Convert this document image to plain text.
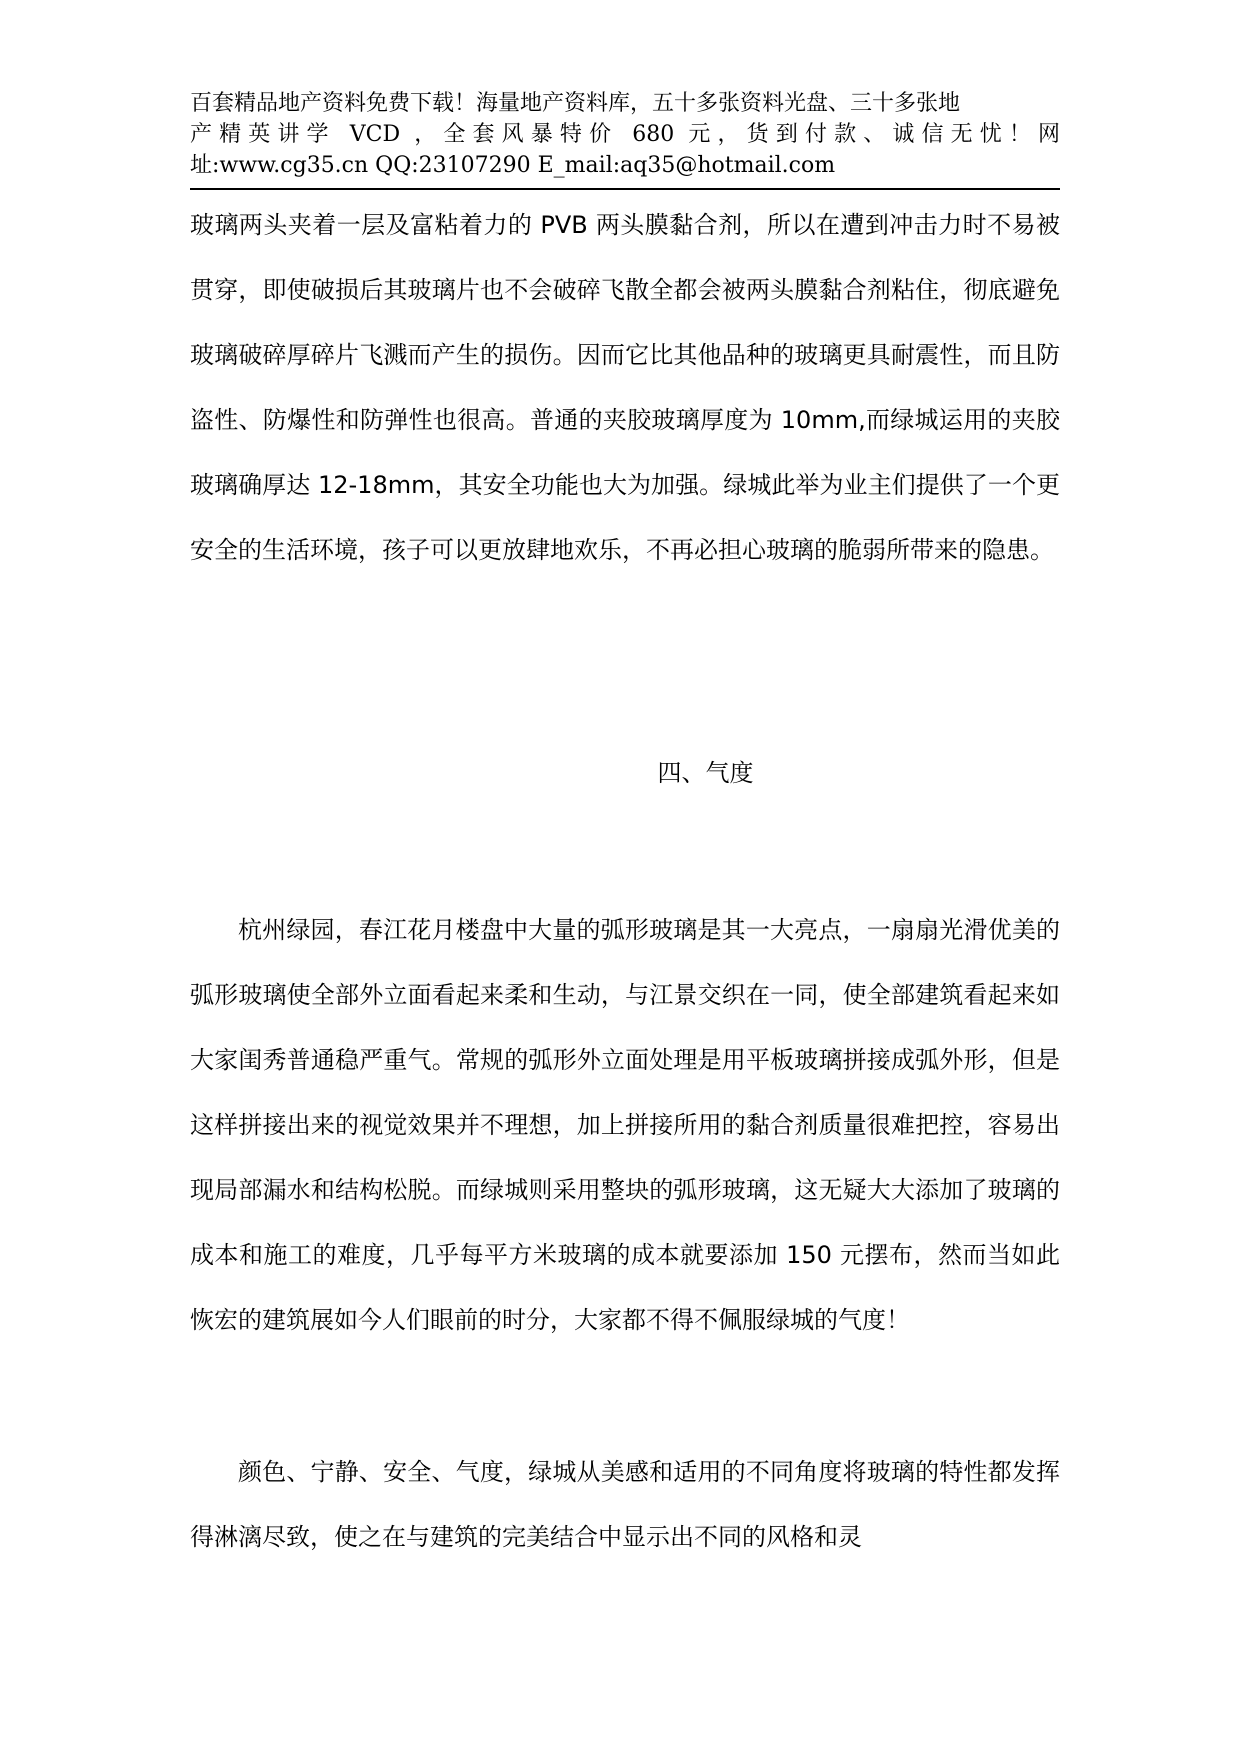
百套精品地产资料免费下载！海量地产资料库，五十多张资料光盘、三十多张地
产精英讲学 VCD ，全套风暴特价 680 元，货到付款、诚信无忧！网
址:www.cg35.cn QQ:23107290 E_mail:aq35@hotmail.com
玻璃两头夹着一层及富粘着力的 PVB 两头膜黏合剂，所以在遭到冲击力时不易被贯穿，即使破损后其玻璃片也不会破碎飞散全都会被两头膜黏合剂粘住，彻底避免玻璃破碎厚碎片飞溅而产生的损伤。因而它比其他品种的玻璃更具耐震性，而且防盗性、防爆性和防弹性也很高。普通的夹胶玻璃厚度为 10mm,而绿城运用的夹胶玻璃确厚达 12-18mm，其安全功能也大为加强。绿城此举为业主们提供了一个更安全的生活环境，孩子可以更放肆地欢乐，不再必担心玻璃的脆弱所带来的隐患。
四、气度
杭州绿园，春江花月楼盘中大量的弧形玻璃是其一大亮点，一扇扇光滑优美的弧形玻璃使全部外立面看起来柔和生动，与江景交织在一同，使全部建筑看起来如大家闺秀普通稳严重气。常规的弧形外立面处理是用平板玻璃拼接成弧外形，但是这样拼接出来的视觉效果并不理想，加上拼接所用的黏合剂质量很难把控，容易出现局部漏水和结构松脱。而绿城则采用整块的弧形玻璃，这无疑大大添加了玻璃的成本和施工的难度，几乎每平方米玻璃的成本就要添加 150 元摆布，然而当如此恢宏的建筑展如今人们眼前的时分，大家都不得不佩服绿城的气度！
颜色、宁静、安全、气度，绿城从美感和适用的不同角度将玻璃的特性都发挥得淋漓尽致，使之在与建筑的完美结合中显示出不同的风格和灵
